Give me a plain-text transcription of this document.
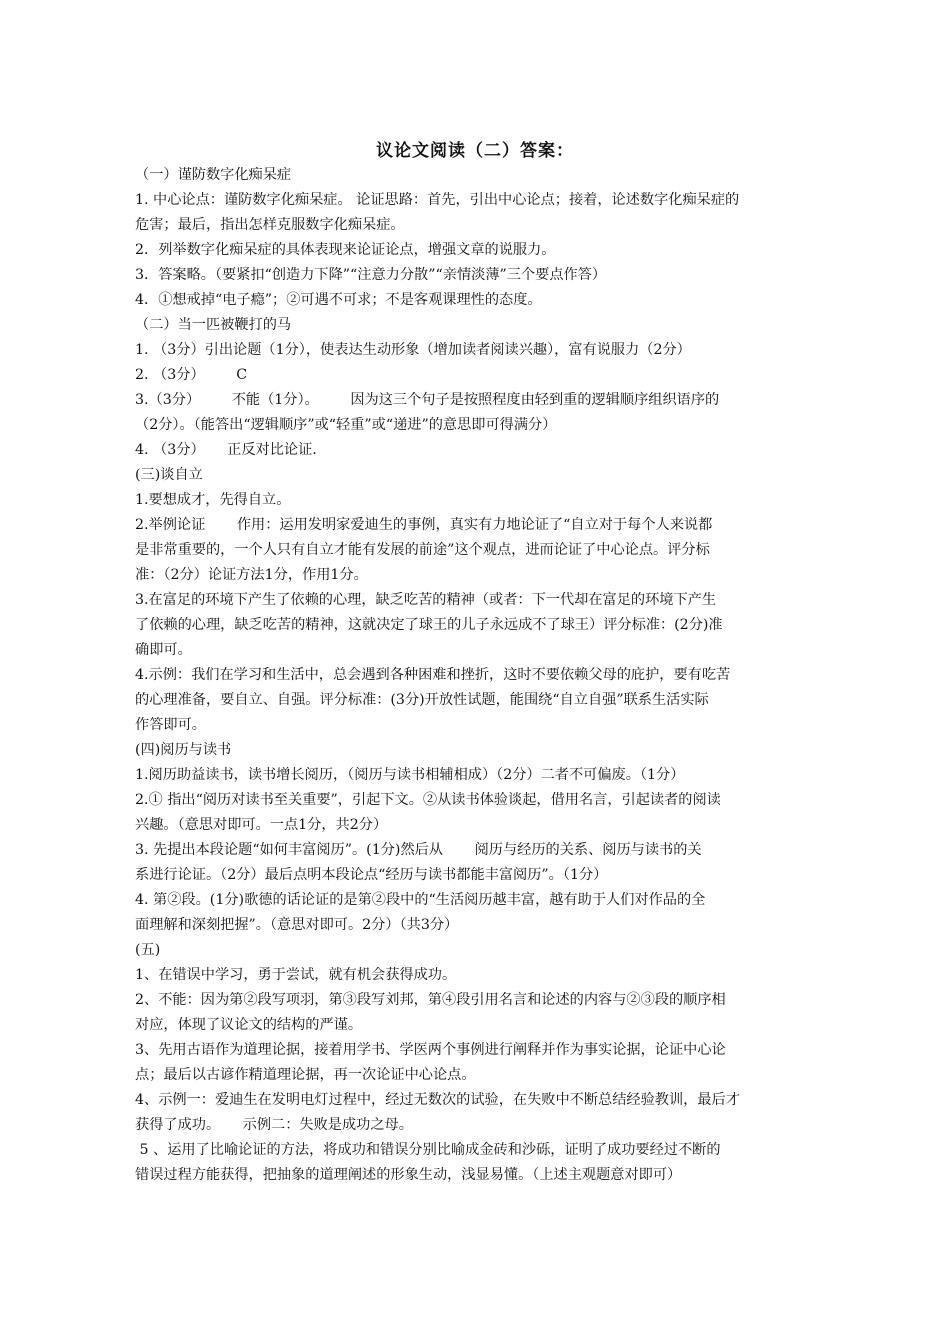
议论文阅读（二）答案：
（一）谨防数字化痴呆症
1. 中心论点：谨防数字化痴呆症。 论证思路：首先，引出中心论点；接着，论述数字化痴呆症的
危害；最后，指出怎样克服数字化痴呆症。
2．列举数字化痴呆症的具体表现来论证论点，增强文章的说服力。
3．答案略。（要紧扣“创造力下降”“注意力分散”“亲情淡薄”三个要点作答）
4．①想戒掉“电子瘾”；②可遇不可求；不是客观课理性的态度。
（二）当一匹被鞭打的马
1. （3分）引出论题（1分），使表达生动形象（增加读者阅读兴趣），富有说服力（2分）
2. （3分）       C
3.（3分）       不能（1分）。       因为这三个句子是按照程度由轻到重的逻辑顺序组织语序的
（2分）。（能答出“逻辑顺序”或“轻重”或“递进”的意思即可得满分）
4. （3分）     正反对比论证.
(三)谈自立
1.要想成才，先得自立。
2.举例论证       作用：运用发明家爱迪生的事例，真实有力地论证了“自立对于每个人来说都
是非常重要的，一个人只有自立才能有发展的前途”这个观点，进而论证了中心论点。评分标
准：（2分）论证方法1分，作用1分。
3.在富足的环境下产生了依赖的心理，缺乏吃苦的精神（或者：下一代却在富足的环境下产生
了依赖的心理，缺乏吃苦的精神，这就决定了球王的儿子永远成不了球王）评分标准：(2分)准
确即可。
4.示例：我们在学习和生活中，总会遇到各种困难和挫折，这时不要依赖父母的庇护，要有吃苦
的心理准备，要自立、自强。评分标准：(3分)开放性试题，能围绕“自立自强”联系生活实际
作答即可。
(四)阅历与读书
1.阅历助益读书，读书增长阅历，（阅历与读书相辅相成）（2分）二者不可偏废。（1分）
2.① 指出“阅历对读书至关重要”，引起下文。②从读书体验谈起，借用名言，引起读者的阅读
兴趣。（意思对即可。一点1分，共2分）
3. 先提出本段论题“如何丰富阅历”。(1分)然后从       阅历与经历的关系、阅历与读书的关
系进行论证。（2分）最后点明本段论点“经历与读书都能丰富阅历”。（1分）
4. 第②段。(1分)歌德的话论证的是第②段中的“生活阅历越丰富，越有助于人们对作品的全
面理解和深刻把握”。（意思对即可。2分）（共3分）
(五)
1、在错误中学习，勇于尝试，就有机会获得成功。
2、不能：因为第②段写项羽，第③段写刘邦，第④段引用名言和论述的内容与②③段的顺序相
对应，体现了议论文的结构的严谨。
3、先用古语作为道理论据，接着用学书、学医两个事例进行阐释并作为事实论据，论证中心论
点；最后以古谚作精道理论据，再一次论证中心论点。
4、示例一：爱迪生在发明电灯过程中，经过无数次的试验，在失败中不断总结经验教训，最后才
获得了成功。     示例二：失败是成功之母。
5 、运用了比喻论证的方法，将成功和错误分别比喻成金砖和沙砾，证明了成功要经过不断的
错误过程方能获得，把抽象的道理阐述的形象生动，浅显易懂。（上述主观题意对即可）
